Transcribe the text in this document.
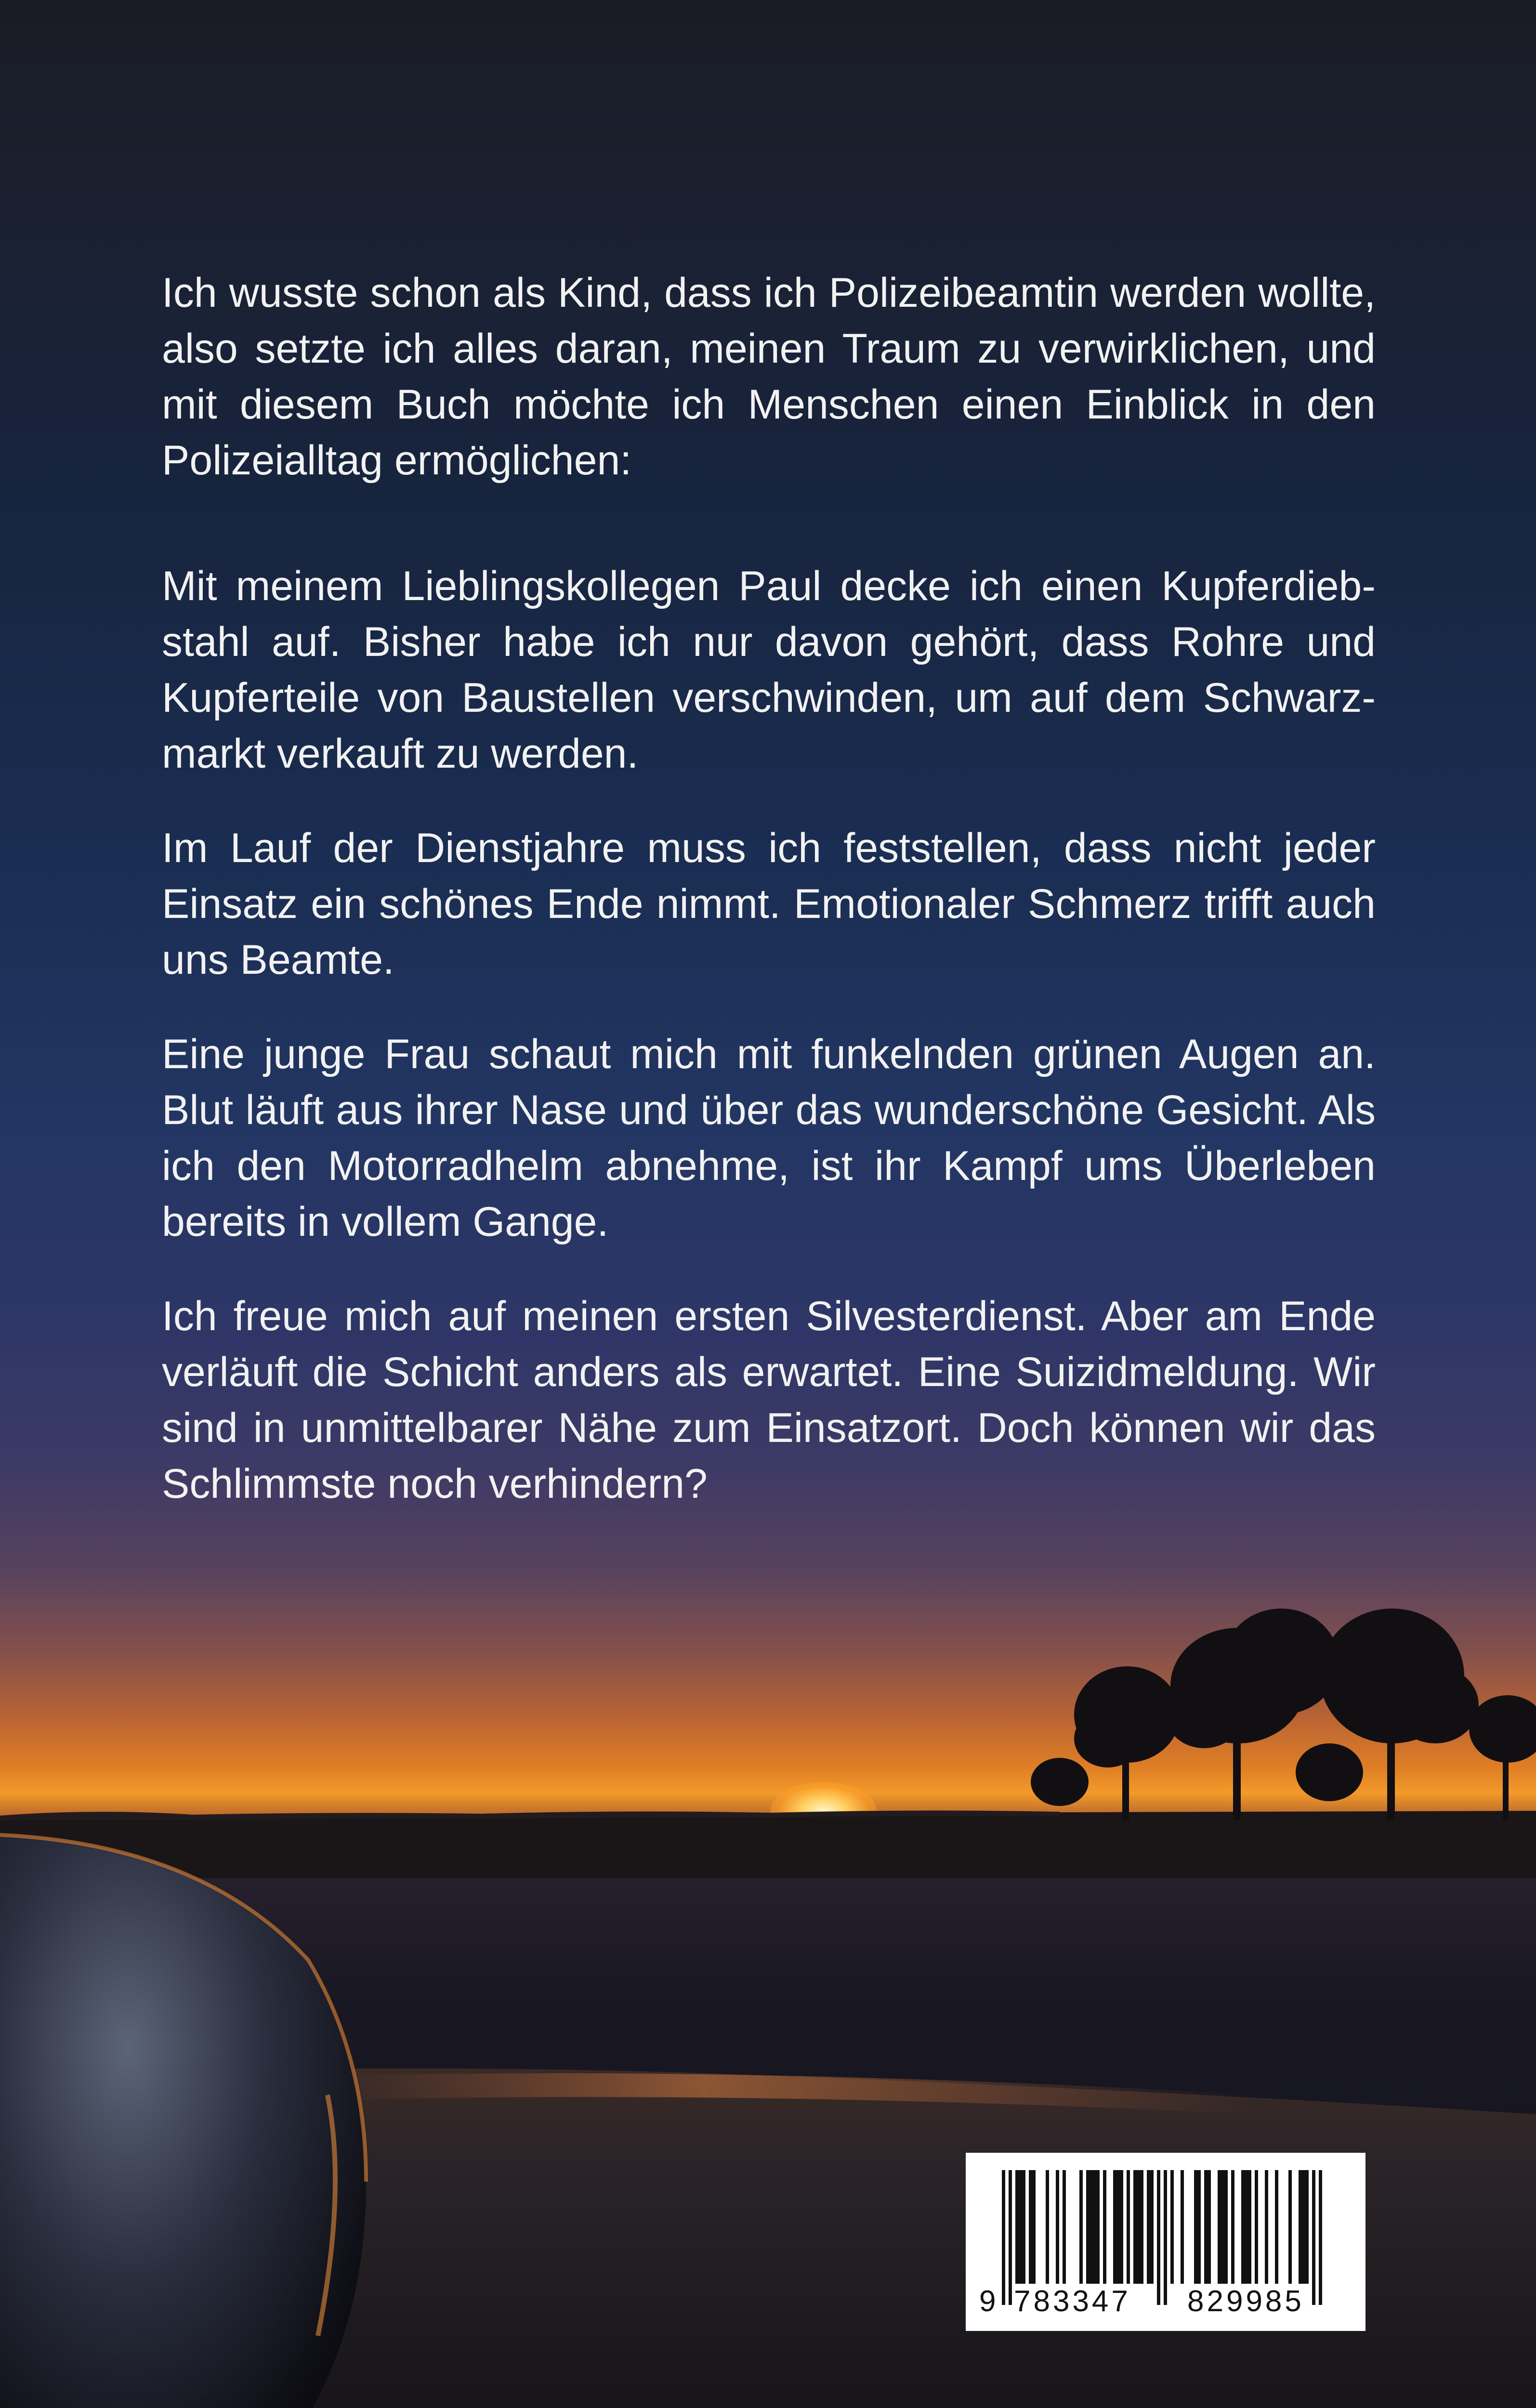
Ich wusste schon als Kind, dass ich Polizeibeamtin werden wollte, also setzte ich alles daran, meinen Traum zu verwirklichen, und mit diesem Buch möchte ich Menschen einen Einblick in den Polizeialltag ermöglichen:

Mit meinem Lieblingskollegen Paul decke ich einen Kupferdiebstahl auf. Bisher habe ich nur davon gehört, dass Rohre und Kupferteile von Baustellen verschwinden, um auf dem Schwarzmarkt verkauft zu werden.

Im Lauf der Dienstjahre muss ich feststellen, dass nicht jeder Einsatz ein schönes Ende nimmt. Emotionaler Schmerz trifft auch uns Beamte.

Eine junge Frau schaut mich mit funkelnden grünen Augen an. Blut läuft aus ihrer Nase und über das wunderschöne Gesicht. Als ich den Motorradhelm abnehme, ist ihr Kampf ums Überleben bereits in vollem Gange.

Ich freue mich auf meinen ersten Silvesterdienst. Aber am Ende verläuft die Schicht anders als erwartet. Eine Suizidmeldung. Wir sind in unmittelbarer Nähe zum Einsatzort. Doch können wir das Schlimmste noch verhindern?

9 783347 829985
